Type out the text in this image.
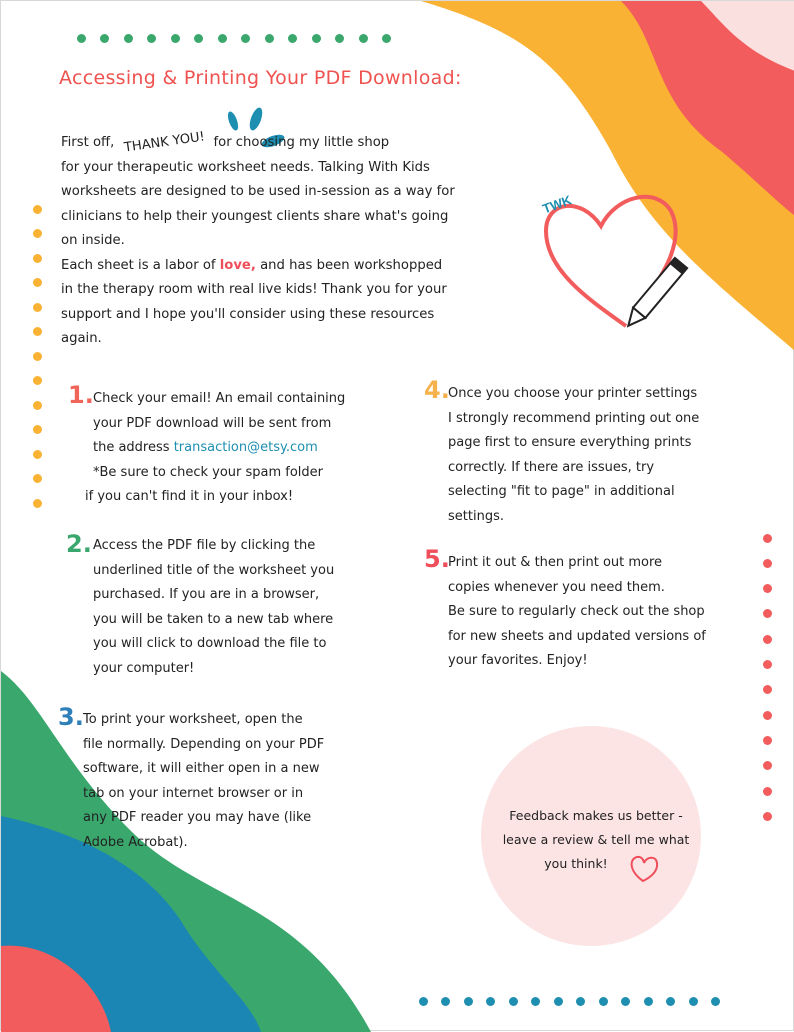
TWK
Accessing & Printing Your PDF Download:
First off, THANK YOU! for choosing my little shop
for your therapeutic worksheet needs. Talking With Kids
worksheets are designed to be used in-session as a way for
clinicians to help their youngest clients share what's going
on inside.
Each sheet is a labor of love, and has been workshopped
in the therapy room with real live kids! Thank you for your
support and I hope you'll consider using these resources
again.
1. Check your email! An email containing
your PDF download will be sent from
the address transaction@etsy.com
*Be sure to check your spam folder
if you can't find it in your inbox!
2. Access the PDF file by clicking the
underlined title of the worksheet you
purchased. If you are in a browser,
you will be taken to a new tab where
you will click to download the file to
your computer!
3. To print your worksheet, open the
file normally. Depending on your PDF
software, it will either open in a new
tab on your internet browser or in
any PDF reader you may have (like
Adobe Acrobat).
4.
Once you choose your printer settings
I strongly recommend printing out one
page first to ensure everything prints
correctly. If there are issues, try
selecting "fit to page" in additional
settings.
5.
Print it out & then print out more
copies whenever you need them.
Be sure to regularly check out the shop
for new sheets and updated versions of
your favorites. Enjoy!
Feedback makes us better -
leave a review & tell me what
you think!
